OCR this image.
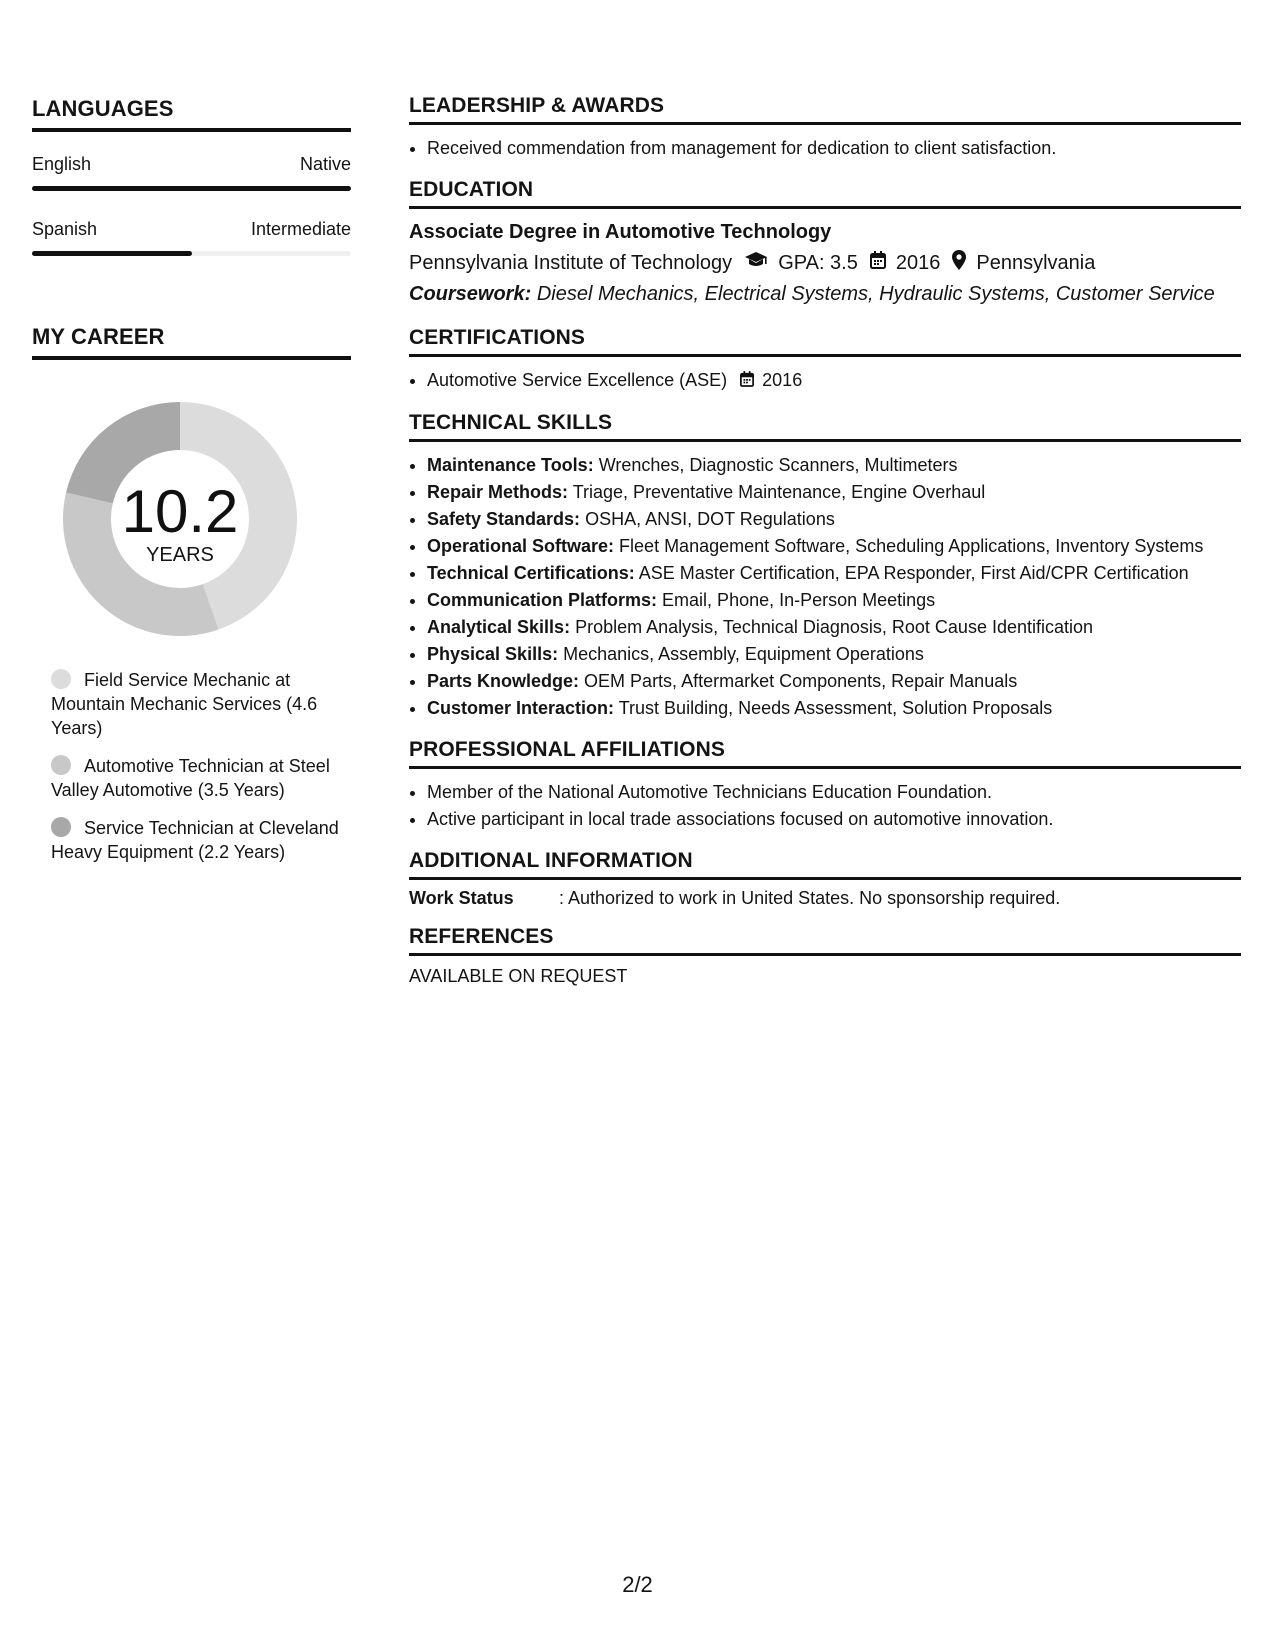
LANGUAGES
English	Native
Spanish	Intermediate
MY CAREER
10.2
YEARS
Field Service Mechanic at Mountain Mechanic Services (4.6 Years)
Automotive Technician at Steel Valley Automotive (3.5 Years)
Service Technician at Cleveland Heavy Equipment (2.2 Years)
LEADERSHIP & AWARDS
• Received commendation from management for dedication to client satisfaction.
EDUCATION
Associate Degree in Automotive Technology
Pennsylvania Institute of Technology GPA: 3.5 2016 Pennsylvania
Coursework: Diesel Mechanics, Electrical Systems, Hydraulic Systems, Customer Service
CERTIFICATIONS
• Automotive Service Excellence (ASE) 2016
TECHNICAL SKILLS
• Maintenance Tools: Wrenches, Diagnostic Scanners, Multimeters
• Repair Methods: Triage, Preventative Maintenance, Engine Overhaul
• Safety Standards: OSHA, ANSI, DOT Regulations
• Operational Software: Fleet Management Software, Scheduling Applications, Inventory Systems
• Technical Certifications: ASE Master Certification, EPA Responder, First Aid/CPR Certification
• Communication Platforms: Email, Phone, In-Person Meetings
• Analytical Skills: Problem Analysis, Technical Diagnosis, Root Cause Identification
• Physical Skills: Mechanics, Assembly, Equipment Operations
• Parts Knowledge: OEM Parts, Aftermarket Components, Repair Manuals
• Customer Interaction: Trust Building, Needs Assessment, Solution Proposals
PROFESSIONAL AFFILIATIONS
• Member of the National Automotive Technicians Education Foundation.
• Active participant in local trade associations focused on automotive innovation.
ADDITIONAL INFORMATION
Work Status	: Authorized to work in United States. No sponsorship required.
REFERENCES
AVAILABLE ON REQUEST
2/2
